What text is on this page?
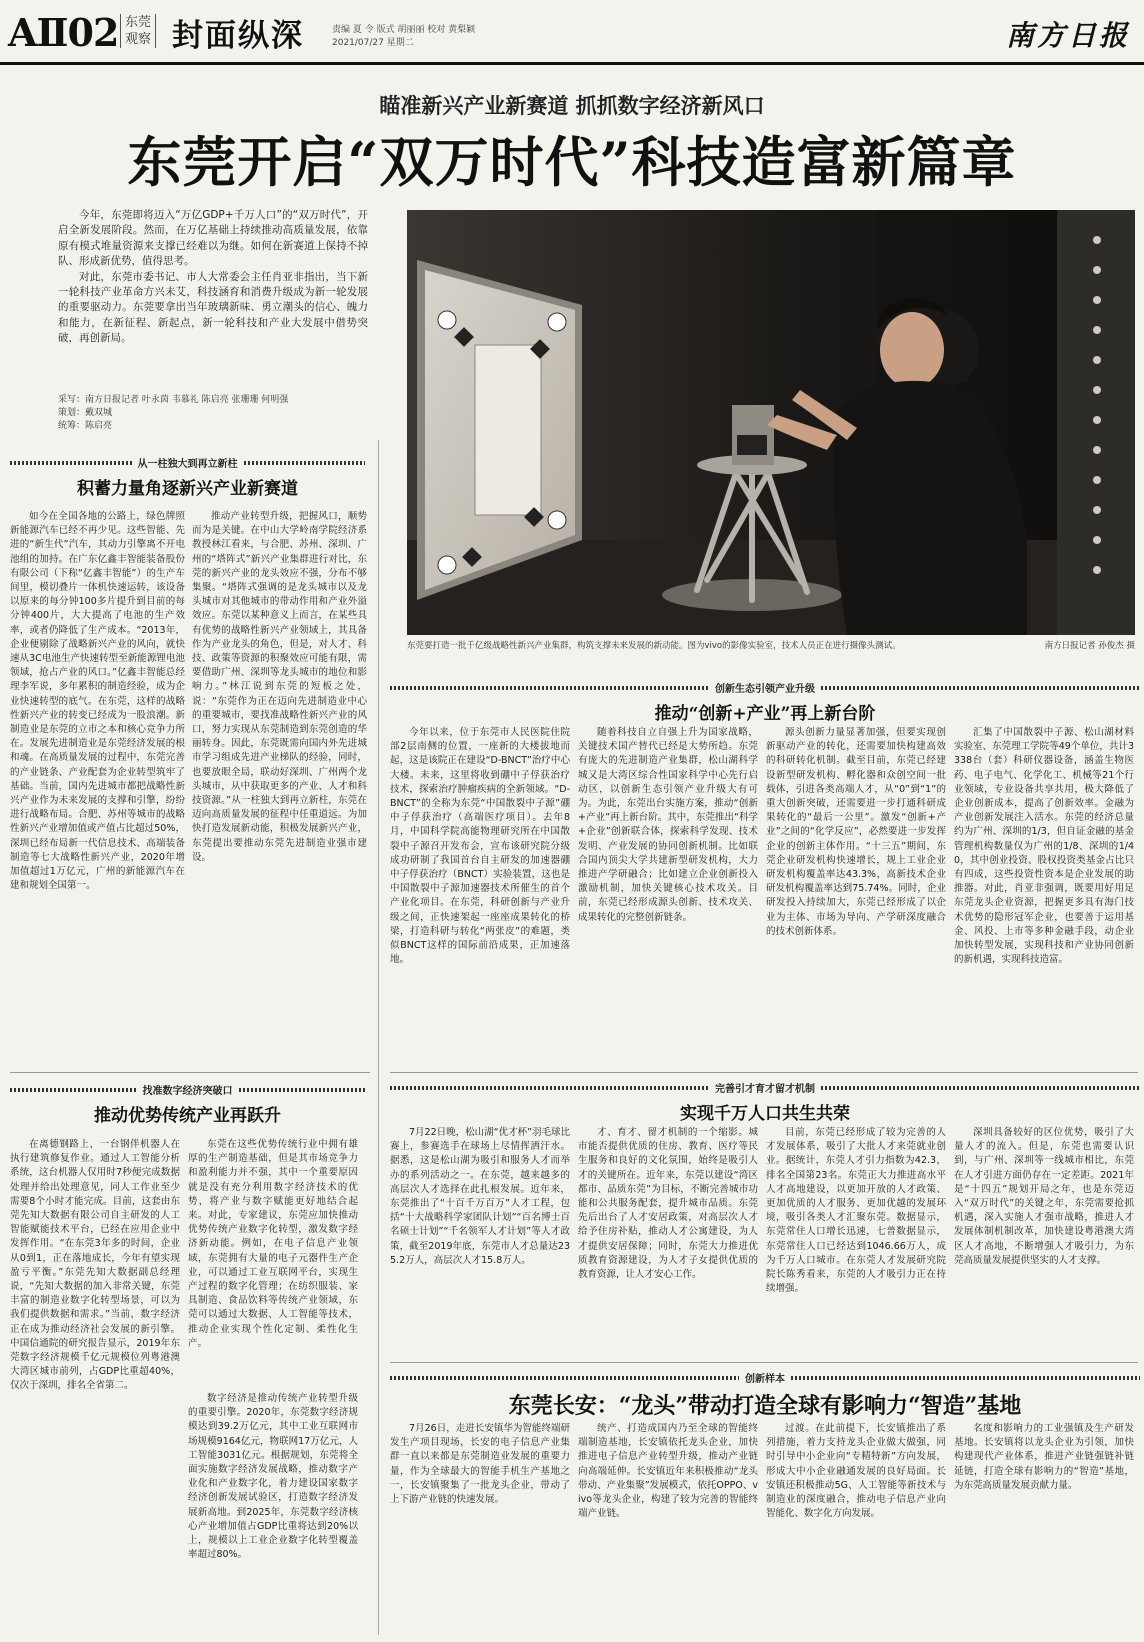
AⅡ02 东莞
观察 封面纵深	责编 夏 令 版式 胡丽丽 校对 黄梨颖
2021/07/27 星期二	南方日报
瞄准新兴产业新赛道 抓抓数字经济新风口
东莞开启“双万时代”科技造富新篇章

今年，东莞即将迈入“万亿GDP+千万人口”的“双万时代”，开启全新发展阶段。然而，在万亿基础上持续推动高质量发展，依靠原有模式堆量资源来支撑已经难以为继。如何在新赛道上保持不掉队、形成新优势，值得思考。

对此，东莞市委书记、市人大常委会主任肖亚非指出，当下新一轮科技产业革命方兴未艾，科技涵育和消费升级成为新一轮发展的重要驱动力。东莞要拿出当年玻璃新味、勇立潮头的信心、魄力和能力，在新征程、新起点，新一轮科技和产业大发展中借势突破，再创新局。

采写：南方日报记者 叶永茵 韦慕礼 陈启亮 张珊珊 何明强
策划：戴双城
统筹：陈启亮
东莞要打造一批千亿级战略性新兴产业集群，构筑支撑未来发展的新动能。图为vivo的影像实验室，技术人员正在进行摄像头测试。	南方日报记者 孙俊杰 摄
从一柱独大到再立新柱
积蓄力量角逐新兴产业新赛道

如今在全国各地的公路上，绿色牌照新能源汽车已经不再少见。这些智能、先进的“新生代”汽车，其动力引擎离不开电池组的加持。在广东亿鑫丰智能装备股份有限公司（下称“亿鑫丰智能”）的生产车间里，模切叠片一体机快速运转，该设备以原来的每分钟100多片提升到目前的每分钟400片，大大提高了电池的生产效率，或者仍降低了生产成本。“2013年，企业便剔除了战略新兴产业的风向，就快速从3C电池生产快速转型至新能源锂电池领域，抢占产业的风口。”亿鑫丰智能总经理李军说，多年累积的制造经验，成为企业快速转型的底气。在东莞，这样的战略性新兴产业的转变已经成为一股浪潮。新制造业是东莞的立市之本和核心竞争力所在。发展先进制造业是东莞经济发展的根和魂。在高质量发展的过程中，东莞完善的产业链条、产业配套为企业转型筑牢了基础。当前，国内先进城市都把战略性新兴产业作为未来发展的支撑和引擎，纷纷进行战略布局。合肥、苏州等城市的战略性新兴产业增加值或产值占比超过50%，深圳已经布局新一代信息技术、高端装备制造等七大战略性新兴产业，2020年增加值超过1万亿元，广州的新能源汽车在建和规划全国第一。

推动产业转型升级，把握风口，顺势而为是关键。在中山大学岭南学院经济系教授林江看来，与合肥、苏州、深圳、广州的“塔阵式”新兴产业集群进行对比，东莞的新兴产业的龙头效应不强，分布不够集聚。“塔阵式强调的是龙头城市以及龙头城市对其他城市的带动作用和产业外溢效应。东莞以某种意义上而言，在某些具有优势的战略性新兴产业领域上，其具备作为产业龙头的角色，但是，对人才、科技、政策等资源的积聚效应可能有限，需要借助广州、深圳等龙头城市的地位和影响力。”林江说到东莞的短板之处，说：“东莞作为正在迈向先进制造业中心的重要城市，要找准战略性新兴产业的风口，努力实现从东莞制造到东莞创造的华丽转身。因此，东莞既需向国内外先进城市学习组成先进产业梯队的经验，同时，也要放眼全局，联动好深圳、广州两个龙头城市，从中获取更多的产业、人才和科技资源。”从一柱独大到再立新柱，东莞在迈向高质量发展的征程中任重道远。为加快打造发展新动能，积极发展新兴产业，东莞提出要推动东莞先进制造业强市建设。

创新生态引领产业升级
推动“创新+产业”再上新台阶

今年以来，位于东莞市人民医院住院部2层南侧的位置，一座新的大楼拔地而起，这是该院正在建设“D-BNCT”治疗中心大楼。未来，这里将收到硼中子俘获治疗技术，探索治疗肿瘤疾病的全新领域。“D-BNCT”的全称为东莞“中国散裂中子源”硼中子俘获治疗（高端医疗项目）。去年8月，中国科学院高能物理研究所在中国散裂中子源召开发布会，宣布该研究院分级成功研制了我国首台自主研发的加速器硼中子俘获治疗（BNCT）实验装置，这也是中国散裂中子源加速器技术所催生的首个产业化项目。在东莞，科研创新与产业升级之间，正快速架起一座座成果转化的桥梁，打造科研与转化“两张皮”的难题，类似BNCT这样的国际前沿成果，正加速落地。

随着科技自立自强上升为国家战略，关键技术国产替代已经是大势所趋。东莞有庞大的先进制造产业集群，松山湖科学城又是大湾区综合性国家科学中心先行启动区，以创新生态引领产业升级大有可为。为此，东莞出台实施方案，推动“创新+产业”再上新台阶。其中，东莞推出“科学+企业”创新联合体，探索科学发现、技术发明、产业发展的协同创新机制。比如联合国内顶尖大学共建新型研发机构，大力推进产学研融合；比如建立企业创新投入激励机制，加快关键核心技术攻关。目前，东莞已经形成源头创新、技术攻关、成果转化的完整创新链条。

源头创新力量显著加强，但要实现创新驱动产业的转化，还需要加快构建高效的科研转化机制。截至目前，东莞已经建设新型研发机构、孵化器和众创空间一批载体，引进各类高端人才，从“0”到“1”的重大创新突破，还需要进一步打通科研成果转化的“最后一公里”。激发“创新+产业”之间的“化学反应”，必然要进一步发挥企业的创新主体作用。“十三五”期间，东莞企业研发机构快速增长，规上工业企业研发机构覆盖率达43.3%，高新技术企业研发机构覆盖率达到75.74%。同时，企业研发投入持续加大，东莞已经形成了以企业为主体、市场为导向、产学研深度融合的技术创新体系。

汇集了中国散裂中子源、松山湖材料实验室、东莞理工学院等49个单位，共计3338台（套）科研仪器设备，涵盖生物医药、电子电气、化学化工、机械等21个行业领域，专业设备共享共用，极大降低了企业创新成本，提高了创新效率。金融为产业创新发展注入活水。东莞的经济总量约为广州、深圳的1/3，但自证金融的基金管理机构数量仅为广州的1/8、深圳的1/40，其中创业投资、股权投资类基金占比只有四成，这些投资性资本是企业发展的助推器。对此，肖亚非强调，既要用好用足东莞龙头企业资源，把握更多具有海门技术优势的隐形冠军企业，也要善于运用基金、风投、上市等多种金融手段，动企业加快转型发展，实现科技和产业协同创新的新机遇，实现科技造富。

找准数字经济突破口
推动优势传统产业再跃升

在离德钢路上，一台钢伴机器人在执行建筑修复作业。通过人工智能分析系统，这台机器人仅用时7秒便完成数据处理并给出处理意见，同人工作业至少需要8个小时才能完成。目前，这套由东莞先知大数据有限公司自主研发的人工智能赋能技术平台，已经在应用企业中发挥作用。“在东莞3年多的时间，企业从0到1，正在落地成长，今年有望实现盈亏平衡。”东莞先知大数据副总经理说，“先知大数据的加入非常关键，东莞丰富的制造业数字化转型场景，可以为我们提供数据和需求。”当前，数字经济正在成为推动经济社会发展的新引擎。中国信通院的研究报告显示，2019年东莞数字经济规模千亿元规模位列粤港澳大湾区城市前列，占GDP比重超40%，仅次于深圳，排名全省第二。

东莞在这些优势传统行业中拥有雄厚的生产制造基础，但是其市场竞争力和盈利能力并不强，其中一个重要原因就是没有充分利用数字经济技术的优势，将产业与数字赋能更好地结合起来。对此，专家建议，东莞应加快推动优势传统产业数字化转型，激发数字经济新动能。例如，在电子信息产业领域，东莞拥有大量的电子元器件生产企业，可以通过工业互联网平台，实现生产过程的数字化管理；在纺织服装、家具制造、食品饮料等传统产业领域，东莞可以通过大数据、人工智能等技术，推动企业实现个性化定制、柔性化生产。

数字经济是推动传统产业转型升级的重要引擎。2020年，东莞数字经济规模达到39.2万亿元，其中工业互联网市场规模9164亿元，物联网17万亿元，人工智能3031亿元。根据规划，东莞将全面实施数字经济发展战略，推动数字产业化和产业数字化，着力建设国家数字经济创新发展试验区，打造数字经济发展新高地。到2025年，东莞数字经济核心产业增加值占GDP比重将达到20%以上，规模以上工业企业数字化转型覆盖率超过80%。

完善引才育才留才机制
实现千万人口共生共荣

7月22日晚，松山湖“优才杯”羽毛球比赛上，参赛选手在球场上尽情挥洒汗水。据悉，这是松山湖为吸引和服务人才而举办的系列活动之一。在东莞，越来越多的高层次人才选择在此扎根发展。近年来，东莞推出了“十百千万百万”人才工程，包括“十大战略科学家团队计划”“百名博士百名硕士计划”“千名领军人才计划”等人才政策，截至2019年底，东莞市人才总量达235.2万人，高层次人才15.8万人。

才、育才、留才机制的一个缩影。城市能否提供优质的住房、教育、医疗等民生服务和良好的文化氛围，始终是吸引人才的关键所在。近年来，东莞以建设“湾区都市、品质东莞”为目标，不断完善城市功能和公共服务配套，提升城市品质。东莞先后出台了人才安居政策，对高层次人才给予住房补贴，推动人才公寓建设，为人才提供安居保障；同时，东莞大力推进优质教育资源建设，为人才子女提供优质的教育资源，让人才安心工作。

目前，东莞已经形成了较为完善的人才发展体系，吸引了大批人才来莞就业创业。据统计，东莞人才引力指数为42.3，排名全国第23名。东莞正大力推进高水平人才高地建设，以更加开放的人才政策、更加优质的人才服务、更加优越的发展环境，吸引各类人才汇聚东莞。数据显示，东莞常住人口增长迅速，七普数据显示，东莞常住人口已经达到1046.66万人，成为千万人口城市。在东莞人才发展研究院院长陈秀看来，东莞的人才吸引力正在持续增强。

深圳具备较好的区位优势，吸引了大量人才的流入。但是，东莞也需要认识到，与广州、深圳等一线城市相比，东莞在人才引进方面仍存在一定差距。2021年是“十四五”规划开局之年，也是东莞迈入“双万时代”的关键之年，东莞需要抢抓机遇，深入实施人才强市战略，推进人才发展体制机制改革，加快建设粤港澳大湾区人才高地，不断增强人才吸引力，为东莞高质量发展提供坚实的人才支撑。

创新样本
东莞长安：“龙头”带动打造全球有影响力“智造”基地

7月26日，走进长安镇华为智能终端研发生产项目现场，长安的电子信息产业集群一直以来都是东莞制造业发展的重要力量，作为全球最大的智能手机生产基地之一，长安镇聚集了一批龙头企业，带动了上下游产业链的快速发展。

统产、打造成国内乃至全球的智能终端制造基地，长安镇依托龙头企业，加快推进电子信息产业转型升级，推动产业链向高端延伸。长安镇近年来积极推动“龙头带动、产业集聚”发展模式，依托OPPO、vivo等龙头企业，构建了较为完善的智能终端产业链。

过渡。在此前提下，长安镇推出了系列措施，着力支持龙头企业做大做强，同时引导中小企业向“专精特新”方向发展，形成大中小企业融通发展的良好局面。长安镇还积极推动5G、人工智能等新技术与制造业的深度融合，推动电子信息产业向智能化、数字化方向发展。

名度和影响力的工业强镇及生产研发基地。长安镇将以龙头企业为引领，加快构建现代产业体系，推进产业链强链补链延链，打造全球有影响力的“智造”基地，为东莞高质量发展贡献力量。
